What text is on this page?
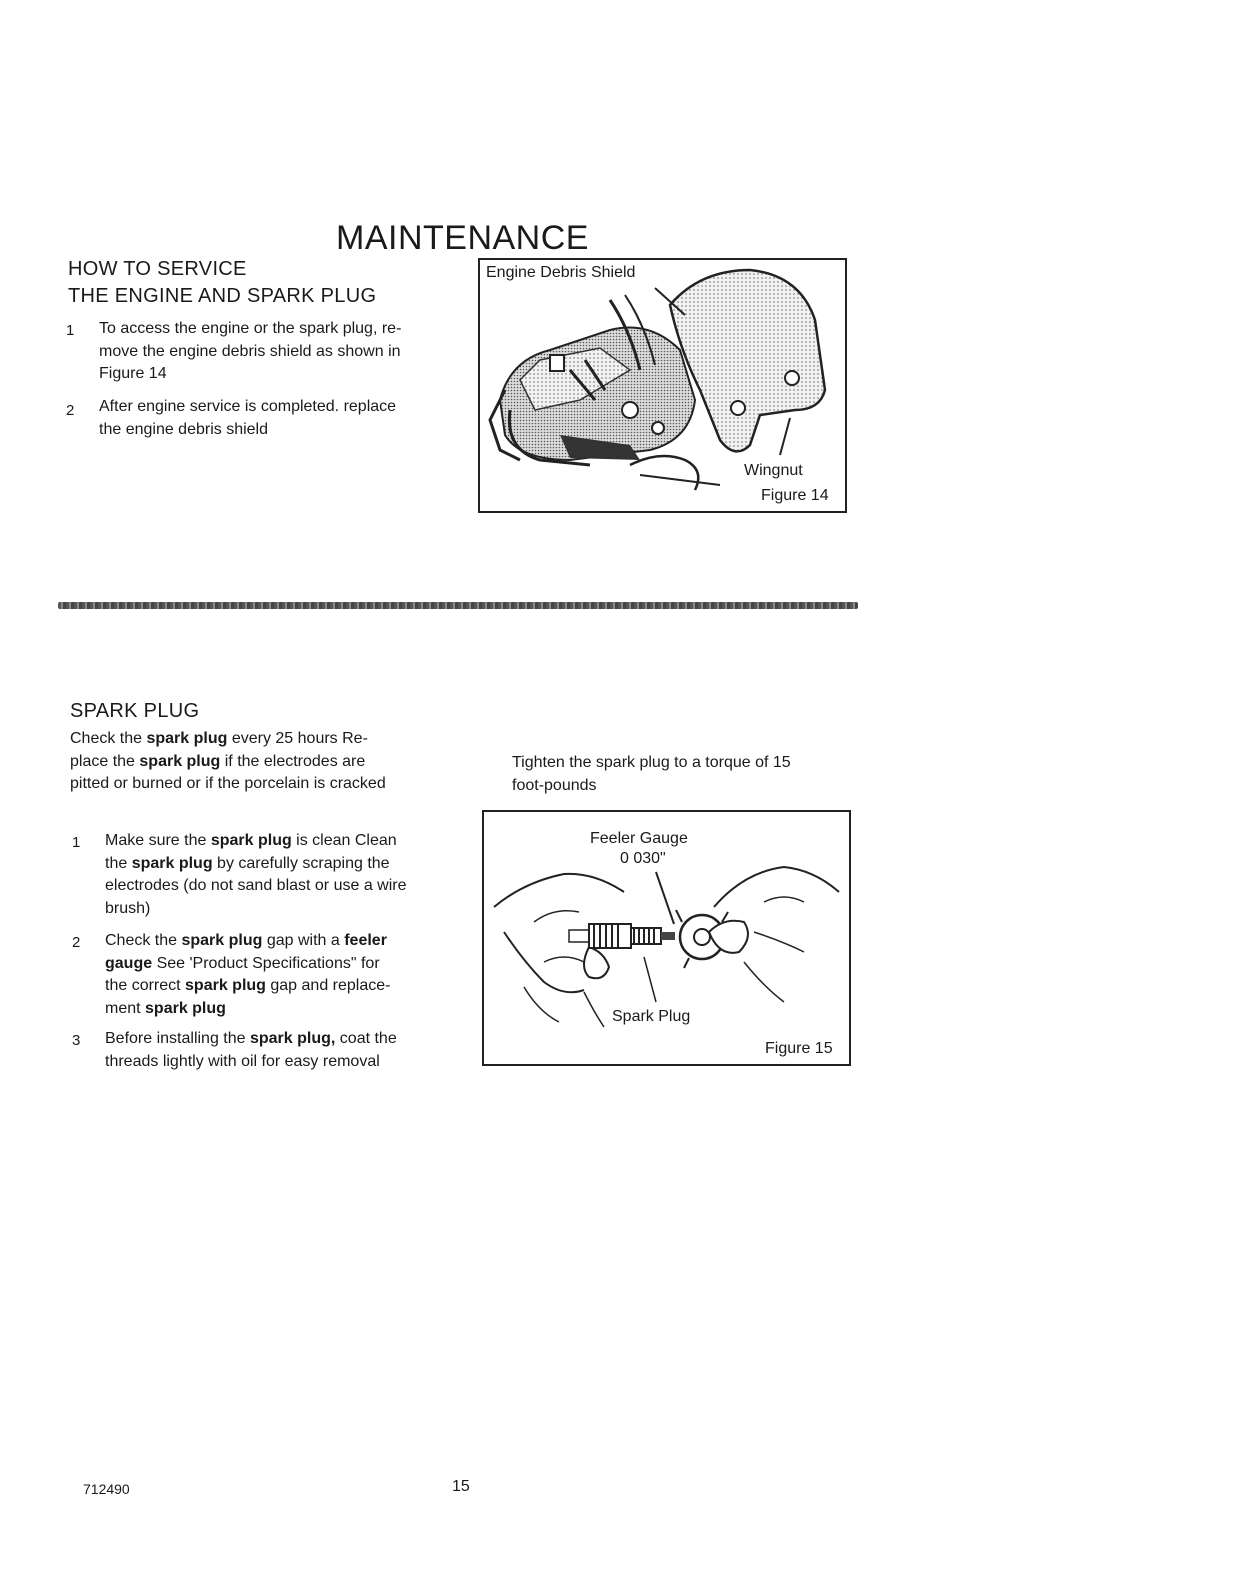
MAINTENANCE
HOW TO SERVICE
THE ENGINE AND SPARK PLUG
1 To access the engine or the spark plug, re-
move the engine debris shield as shown in
Figure 14
2 After engine service is completed. replace
the engine debris shield
Engine Debris Shield
Wingnut
Figure 14
SPARK PLUG
Check the spark plug every 25 hours Re-
place the spark plug if the electrodes are
pitted or burned or if the porcelain is cracked
1 Make sure the spark plug is clean Clean
the spark plug by carefully scraping the
electrodes (do not sand blast or use a wire
brush)
2 Check the spark plug gap with a feeler
gauge See 'Product Specifications" for
the correct spark plug gap and replace-
ment spark plug
3 Before installing the spark plug, coat the
threads lightly with oil for easy removal
Tighten the spark plug to a torque of 15
foot-pounds
Feeler Gauge
0 030"
Spark Plug
Figure 15
712490	15
